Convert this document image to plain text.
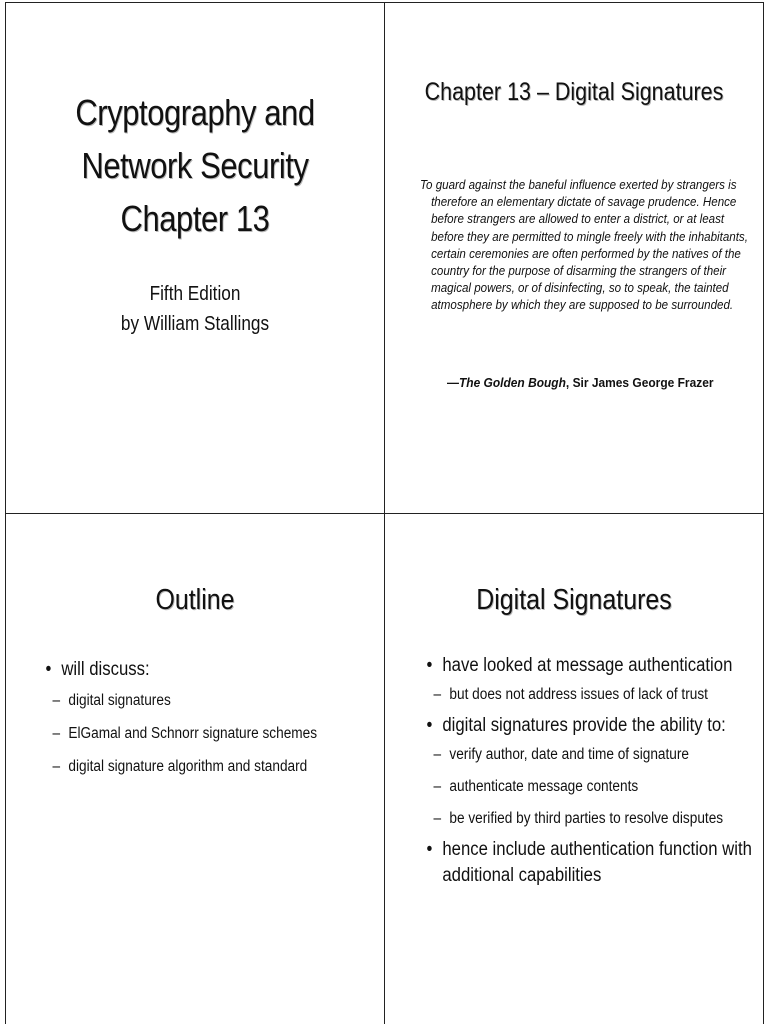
Cryptography and
Network Security
Chapter 13
Fifth Edition
by William Stallings
Chapter 13 – Digital Signatures
To guard against the baneful influence exerted by strangers is therefore an elementary dictate of savage prudence. Hence before strangers are allowed to enter a district, or at least before they are permitted to mingle freely with the inhabitants, certain ceremonies are often performed by the natives of the country for the purpose of disarming the strangers of their magical powers, or of disinfecting, so to speak, the tainted atmosphere by which they are supposed to be surrounded.
—The Golden Bough, Sir James George Frazer
Outline
• will discuss:
– digital signatures
– ElGamal and Schnorr signature schemes
– digital signature algorithm and standard
Digital Signatures
• have looked at message authentication
– but does not address issues of lack of trust
• digital signatures provide the ability to:
– verify author, date and time of signature
– authenticate message contents
– be verified by third parties to resolve disputes
• hence include authentication function with
additional capabilities
